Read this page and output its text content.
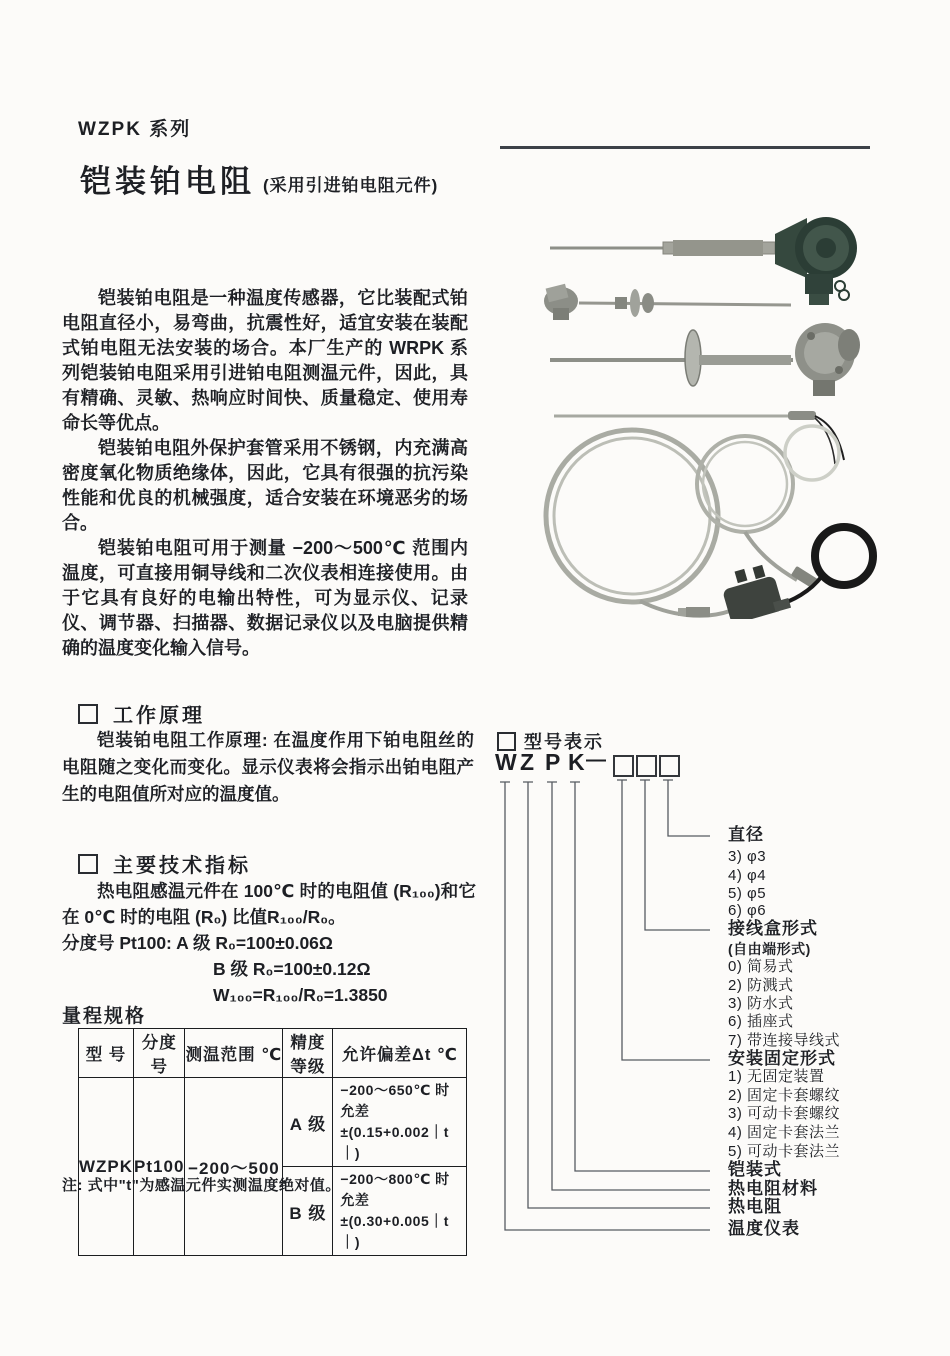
WZPK 系列
铠装铂电阻 (采用引进铂电阻元件)

铠装铂电阻是一种温度传感器，它比装配式铂电阻直径小，易弯曲，抗震性好，适宜安装在装配式铂电阻无法安装的场合。本厂生产的 WRPK 系列铠装铂电阻采用引进铂电阻测温元件，因此，具有精确、灵敏、热响应时间快、质量稳定、使用寿命长等优点。

铠装铂电阻外保护套管采用不锈钢，内充满高密度氧化物质绝缘体，因此，它具有很强的抗污染性能和优良的机械强度，适合安装在环境恶劣的场合。

铠装铂电阻可用于测量 −200～500℃ 范围内温度，可直接用铜导线和二次仪表相连接使用。由于它具有良好的电输出特性，可为显示仪、记录仪、调节器、扫描器、数据记录仪以及电脑提供精确的温度变化输入信号。

工作原理

铠装铂电阻工作原理: 在温度作用下铂电阻丝的电阻随之变化而变化。显示仪表将会指示出铂电阻产生的电阻值所对应的温度值。

主要技术指标

热电阻感温元件在 100℃ 时的电阻值 (R₁₀₀)和它在 0℃ 时的电阻 (R₀) 比值R₁₀₀/R₀。

分度号 Pt100: A 级 R₀=100±0.06Ω

B 级 R₀=100±0.12Ω

W₁₀₀=R₁₀₀/R₀=1.3850

量程规格
型 号	分度号	测温范围 ℃	精度
等级	允许偏差Δt ℃
WZPK	Pt100	−200～500	A 级	−200～650℃ 时允差
±(0.15+0.002｜t｜)

			B 级	−200～800℃ 时允差
±(0.30+0.005｜t｜)
注: 式中"t"为感温元件实测温度绝对值。
型号表示
W Z P K —
直径
3) φ3
4) φ4
5) φ5
6) φ6
接线盒形式
(自由端形式)
0) 简易式
2) 防溅式
3) 防水式
6) 插座式
7) 带连接导线式
安装固定形式
1) 无固定装置
2) 固定卡套螺纹
3) 可动卡套螺纹
4) 固定卡套法兰
5) 可动卡套法兰
铠装式
热电阻材料
热电阻
温度仪表
